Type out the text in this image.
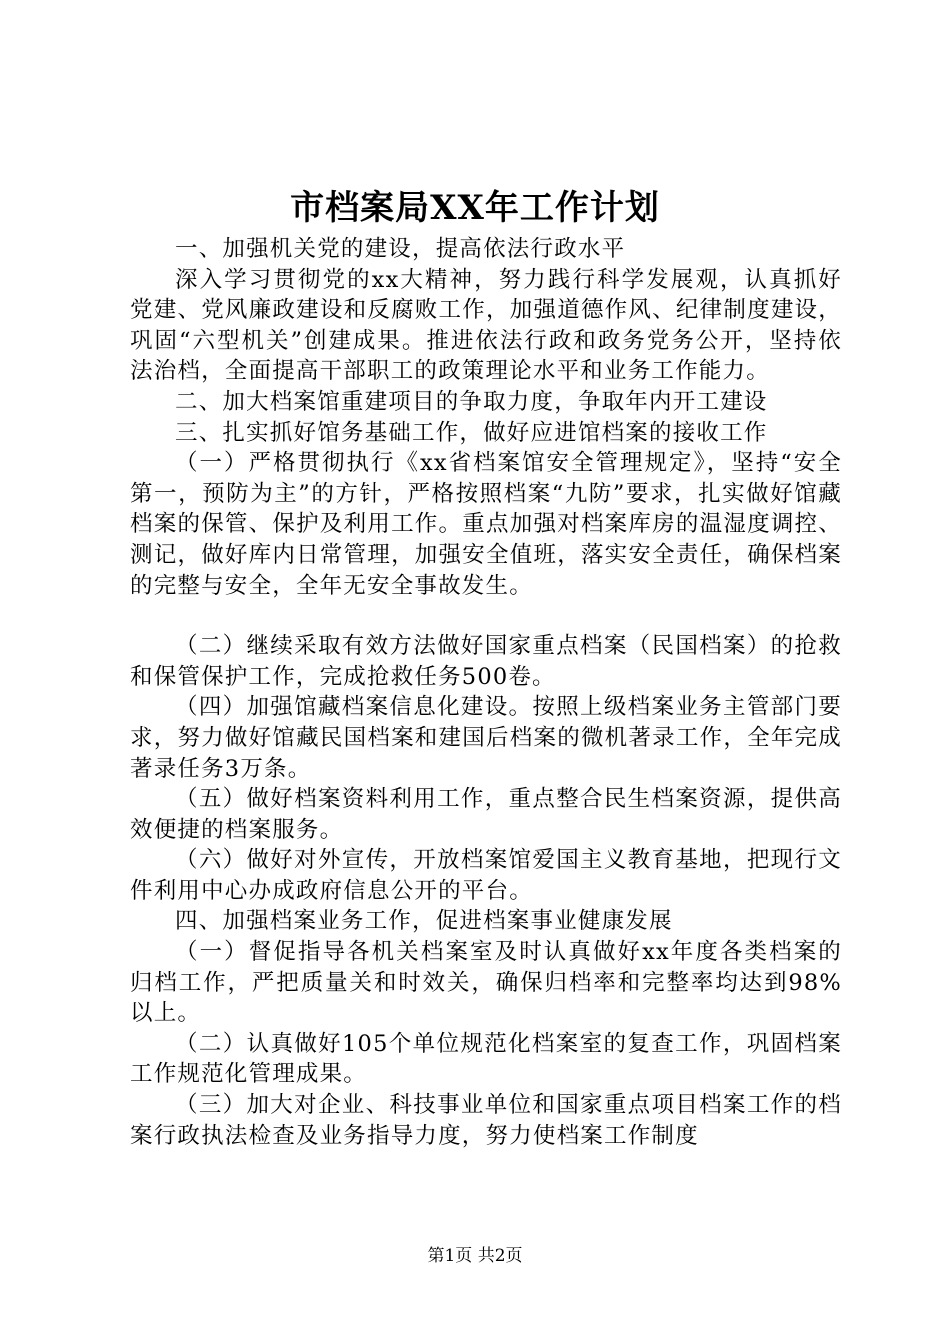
市档案局XX年工作计划

一、加强机关党的建设，提高依法行政水平

深入学习贯彻党的xx大精神，努力践行科学发展观，认真抓好党建、党风廉政建设和反腐败工作，加强道德作风、纪律制度建设，巩固“六型机关”创建成果。推进依法行政和政务党务公开，坚持依法治档，全面提高干部职工的政策理论水平和业务工作能力。

二、加大档案馆重建项目的争取力度，争取年内开工建设

三、扎实抓好馆务基础工作，做好应进馆档案的接收工作

（一）严格贯彻执行《xx省档案馆安全管理规定》，坚持“安全第一，预防为主”的方针，严格按照档案“九防”要求，扎实做好馆藏档案的保管、保护及利用工作。重点加强对档案库房的温湿度调控、测记，做好库内日常管理，加强安全值班，落实安全责任，确保档案的完整与安全，全年无安全事故发生。

（二）继续采取有效方法做好国家重点档案（民国档案）的抢救和保管保护工作，完成抢救任务500卷。

（四）加强馆藏档案信息化建设。按照上级档案业务主管部门要求，努力做好馆藏民国档案和建国后档案的微机著录工作，全年完成著录任务3万条。

（五）做好档案资料利用工作，重点整合民生档案资源，提供高效便捷的档案服务。

（六）做好对外宣传，开放档案馆爱国主义教育基地，把现行文件利用中心办成政府信息公开的平台。

四、加强档案业务工作，促进档案事业健康发展

（一）督促指导各机关档案室及时认真做好xx年度各类档案的归档工作，严把质量关和时效关，确保归档率和完整率均达到98%以上。

（二）认真做好105个单位规范化档案室的复查工作，巩固档案工作规范化管理成果。

（三）加大对企业、科技事业单位和国家重点项目档案工作的档案行政执法检查及业务指导力度，努力使档案工作制度

第1页 共2页
